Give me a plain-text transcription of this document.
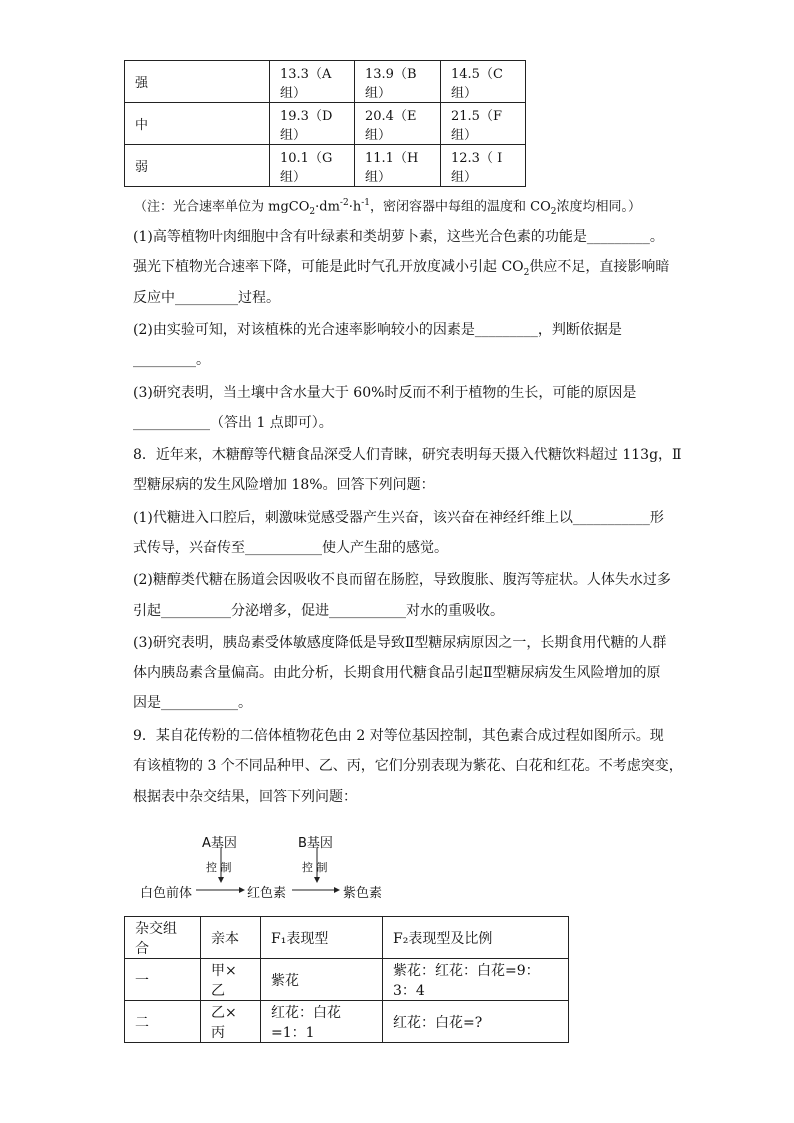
强	13.3（A组）	13.9（B组）	14.5（C组）
中	19.3（D组）	20.4（E组）	21.5（F组）
弱	10.1（G组）	11.1（H组）	12.3（ I组）
（注：光合速率单位为 $mgCO_2\cdot dm^{-2}\cdot h^{-1}$，密闭容器中每组的温度和 $CO_2$浓度均相同。）
(1)高等植物叶肉细胞中含有叶绿素和类胡萝卜素，这些光合色素的功能是_________。
强光下植物光合速率下降，可能是此时气孔开放度减小引起 $CO_2$供应不足，直接影响暗
反应中_________过程。
(2)由实验可知，对该植株的光合速率影响较小的因素是_________，判断依据是
_________。
(3)研究表明，当土壤中含水量大于 60%时反而不利于植物的生长，可能的原因是
___________（答出 1 点即可）。
8．近年来，木糖醇等代糖食品深受人们青睐，研究表明每天摄入代糖饮料超过 113g，Ⅱ
型糖尿病的发生风险增加 18%。回答下列问题：
(1)代糖进入口腔后，刺激味觉感受器产生兴奋，该兴奋在神经纤维上以___________形
式传导，兴奋传至___________使人产生甜的感觉。
(2)糖醇类代糖在肠道会因吸收不良而留在肠腔，导致腹胀、腹泻等症状。人体失水过多
引起__________分泌增多，促进___________对水的重吸收。
(3)研究表明，胰岛素受体敏感度降低是导致Ⅱ型糖尿病原因之一，长期食用代糖的人群
体内胰岛素含量偏高。由此分析，长期食用代糖食品引起Ⅱ型糖尿病发生风险增加的原
因是___________。
9．某自花传粉的二倍体植物花色由 2 对等位基因控制，其色素合成过程如图所示。现
有该植物的 3 个不同品种甲、乙、丙，它们分别表现为紫花、白花和红花。不考虑突变，
根据表中杂交结果，回答下列问题：
A基因	B基因
控 制	控 制
白色前体	红色素	紫色素
杂交组合	亲本	F₁表现型	F₂表现型及比例
一	甲×乙	紫花	紫花：红花：白花=9：3：4
二	乙×丙	红花：白花=1：1	红花：白花=?
